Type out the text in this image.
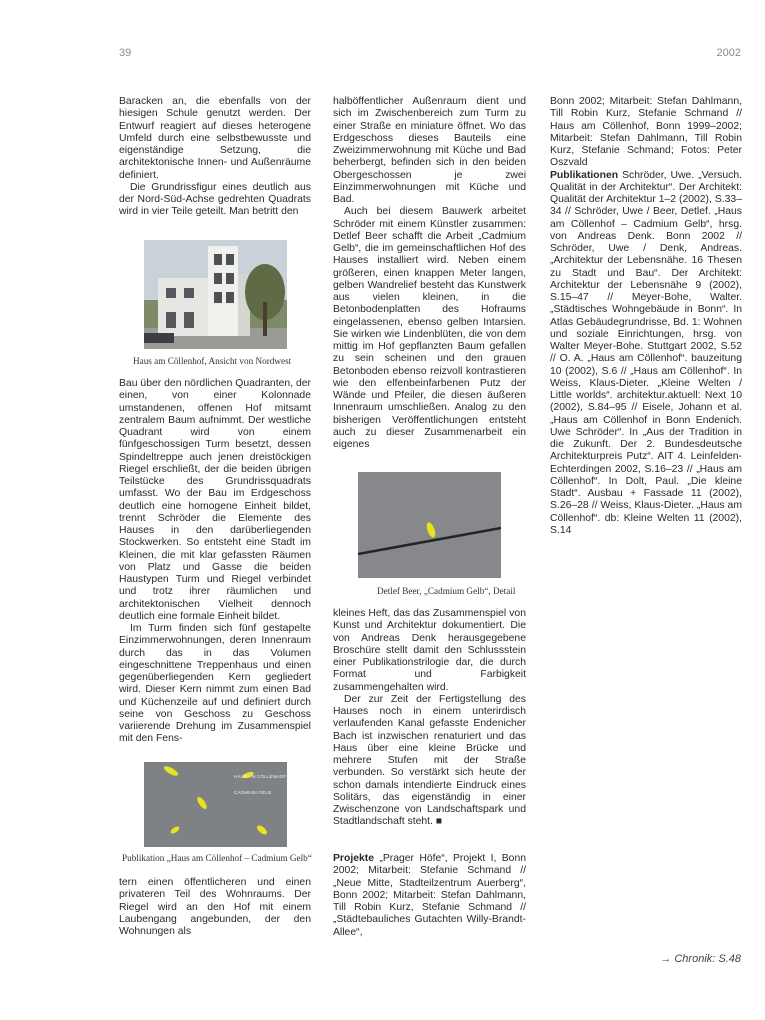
39	2002

Baracken an, die ebenfalls von der hiesigen Schule genutzt werden. Der Entwurf reagiert auf dieses heterogene Umfeld durch eine selbstbewusste und eigenständige Setzung, die architektonische Innen- und Außenräume definiert.

Die Grundrissfigur eines deutlich aus der Nord-Süd-Achse gedrehten Quadrats wird in vier Teile geteilt. Man betritt den

Haus am Cöllenhof, Ansicht von Nordwest

Bau über den nördlichen Quadranten, der einen, von einer Kolonnade umstandenen, offenen Hof mitsamt zentralem Baum aufnimmt. Der westliche Quadrant wird von einem fünfgeschossigen Turm besetzt, dessen Spindeltreppe auch jenen dreistöckigen Riegel erschließt, der die beiden übrigen Teilstücke des Grundrissquadrats umfasst. Wo der Bau im Erdgeschoss deutlich eine homogene Einheit bildet, trennt Schröder die Elemente des Hauses in den darüberliegenden Stockwerken. So entsteht eine Stadt im Kleinen, die mit klar gefassten Räumen von Platz und Gasse die beiden Haustypen Turm und Riegel verbindet und trotz ihrer räumlichen und architektonischen Vielheit dennoch deutlich eine formale Einheit bildet.

Im Turm finden sich fünf gestapelte Einzimmerwohnungen, deren Innenraum durch das in das Volumen eingeschnittene Treppenhaus und einen gegenüberliegenden Kern gegliedert wird. Dieser Kern nimmt zum einen Bad und Küchenzeile auf und definiert durch seine von Geschoss zu Geschoss variierende Drehung im Zusammenspiel mit den Fens-

HAUS AM CÖLLENHOF
CADMIUM GELB
Publikation „Haus am Cöllenhof – Cadmium Gelb“

tern einen öffentlicheren und einen privateren Teil des Wohnraums. Der Riegel wird an den Hof mit einem Laubengang angebunden, der den Wohnungen als

halböffentlicher Außenraum dient und sich im Zwischenbereich zum Turm zu einer Straße en miniature öffnet. Wo das Erdgeschoss dieses Bauteils eine Zweizimmerwohnung mit Küche und Bad beherbergt, befinden sich in den beiden Obergeschossen je zwei Einzimmerwohnungen mit Küche und Bad.

Auch bei diesem Bauwerk arbeitet Schröder mit einem Künstler zusammen: Detlef Beer schafft die Arbeit „Cadmium Gelb“, die im gemeinschaftlichen Hof des Hauses installiert wird. Neben einem größeren, einen knappen Meter langen, gelben Wandrelief besteht das Kunstwerk aus vielen kleinen, in die Betonbodenplatten des Hofraums eingelassenen, ebenso gelben Intarsien. Sie wirken wie Lindenblüten, die von dem mittig im Hof gepflanzten Baum gefallen zu sein scheinen und den grauen Betonboden ebenso reizvoll kontrastieren wie den elfenbeinfarbenen Putz der Wände und Pfeiler, die diesen äußeren Innenraum umschließen. Analog zu den bisherigen Veröffentlichungen entsteht auch zu dieser Zusammenarbeit ein eigenes

Detlef Beer, „Cadmium Gelb“, Detail

kleines Heft, das das Zusammenspiel von Kunst und Architektur dokumentiert. Die von Andreas Denk herausgegebene Broschüre stellt damit den Schlussstein einer Publikationstrilogie dar, die durch Format und Farbigkeit zusammengehalten wird.

Der zur Zeit der Fertigstellung des Hauses noch in einem unterirdisch verlaufenden Kanal gefasste Endenicher Bach ist inzwischen renaturiert und das Haus über eine kleine Brücke und mehrere Stufen mit der Straße verbunden. So verstärkt sich heute der schon damals intendierte Eindruck eines Solitärs, das eigenständig in einer Zwischenzone von Landschaftspark und Stadtlandschaft steht. ■

Projekte „Prager Höfe“, Projekt I, Bonn 2002; Mitarbeit: Stefanie Schmand // „Neue Mitte, Stadteilzentrum Auerberg“, Bonn 2002; Mitarbeit: Stefan Dahlmann, Till Robin Kurz, Stefanie Schmand // „Städtebauliches Gutachten Willy-Brandt-Allee“,

Bonn 2002; Mitarbeit: Stefan Dahlmann, Till Robin Kurz, Stefanie Schmand // Haus am Cöllenhof, Bonn 1999–2002; Mitarbeit: Stefan Dahlmann, Till Robin Kurz, Stefanie Schmand; Fotos: Peter Oszvald

Publikationen Schröder, Uwe. „Versuch. Qualität in der Architektur“. Der Architekt: Qualität der Architektur 1–2 (2002), S.33–34 // Schröder, Uwe / Beer, Detlef. „Haus am Cöllenhof – Cadmium Gelb“, hrsg. von Andreas Denk. Bonn 2002 // Schröder, Uwe / Denk, Andreas. „Architektur der Lebensnähe. 16 Thesen zu Stadt und Bau“. Der Architekt: Architektur der Lebensnähe 9 (2002), S.15–47 // Meyer-Bohe, Walter. „Städtisches Wohngebäude in Bonn“. In Atlas Gebäudegrundrisse, Bd. 1: Wohnen und soziale Einrichtungen, hrsg. von Walter Meyer-Bohe. Stuttgart 2002, S.52 // O. A. „Haus am Cöllenhof“. bauzeitung 10 (2002), S.6 // „Haus am Cöllenhof“. In Weiss, Klaus-Dieter. „Kleine Welten / Little worlds“. architektur.aktuell: Next 10 (2002), S.84–95 // Eisele, Johann et al. „Haus am Cöllenhof in Bonn Endenich. Uwe Schröder“. In „Aus der Tradition in die Zukunft. Der 2. Bundesdeutsche Architekturpreis Putz“. AIT 4. Leinfelden-Echterdingen 2002, S.16–23 // „Haus am Cöllenhof“. In Dolt, Paul. „Die kleine Stadt“. Ausbau + Fassade 11 (2002), S.26–28 // Weiss, Klaus-Dieter. „Haus am Cöllenhof“. db: Kleine Welten 11 (2002), S.14

→ Chronik: S.48
